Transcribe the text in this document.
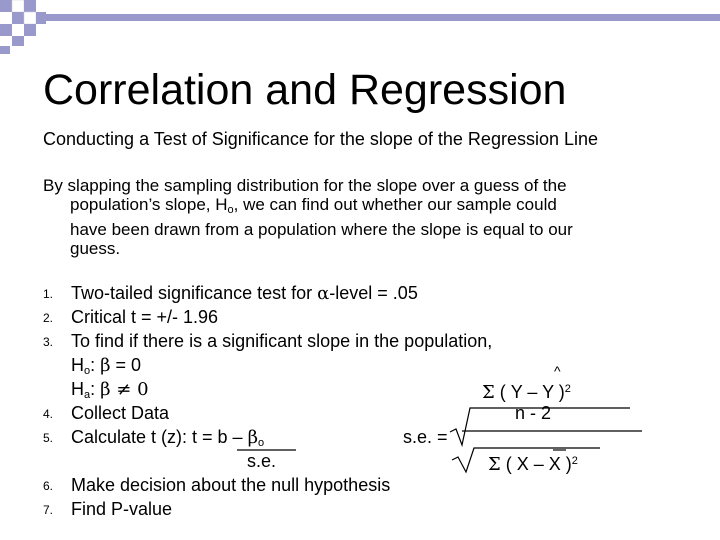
Correlation and Regression
Conducting a Test of Significance for the slope of the Regression Line
By slapping the sampling distribution for the slope over a guess of the
population’s slope, $H_o$, we can find out whether our sample could
have been drawn from a population where the slope is equal to our
guess.
1. Two-tailed significance test for α-level = .05
2. Critical t = +/- 1.96
3. To find if there is a significant slope in the population,
$H_o$: β = 0
$H_a$: β ≠ 0
4. Collect Data
5. Calculate t (z): $t = b - \beta_o$
s.e.
6. Make decision about the null hypothesis
7. Find P-value
s.e. =
^
Σ ( Y – Y )$^2$
n - 2
Σ ( X – X )$^2$
